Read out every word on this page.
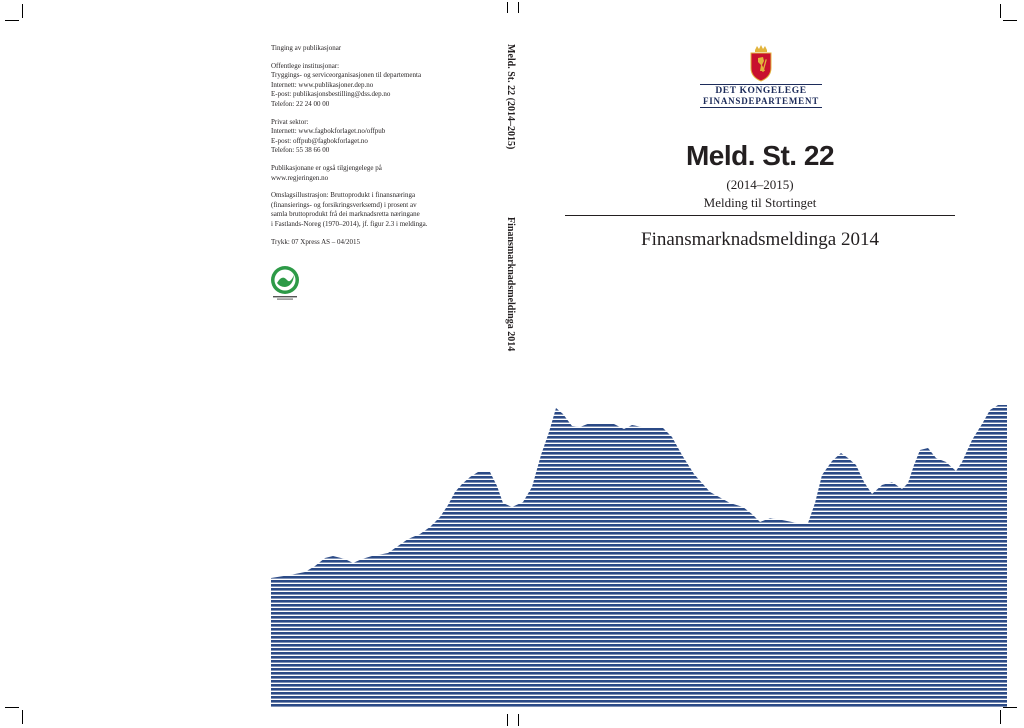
Tinging av publikasjonar
Offentlege institusjonar:
Tryggings- og serviceorganisasjonen til departementa
Internett: www.publikasjoner.dep.no
E-post: publikasjonsbestilling@dss.dep.no
Telefon: 22 24 00 00
Privat sektor:
Internett: www.fagbokforlaget.no/offpub
E-post: offpub@fagbokforlaget.no
Telefon: 55 38 66 00
Publikasjonane er også tilgjengelege på
www.regjeringen.no
Omslagsillustrasjon: Bruttoprodukt i finansnæringa
(finansierings- og forsikringsverksemd) i prosent av
samla bruttoprodukt frå dei marknadsretta næringane
i Fastlands-Noreg (1970–2014), jf. figur 2.3 i meldinga.
Trykk: 07 Xpress AS – 04/2015
Meld. St. 22 (2014–2015)
Finansmarknadsmeldinga 2014
DET KONGELEGE
FINANSDEPARTEMENT
Meld. St. 22
(2014–2015)
Melding til Stortinget
Finansmarknadsmeldinga 2014
